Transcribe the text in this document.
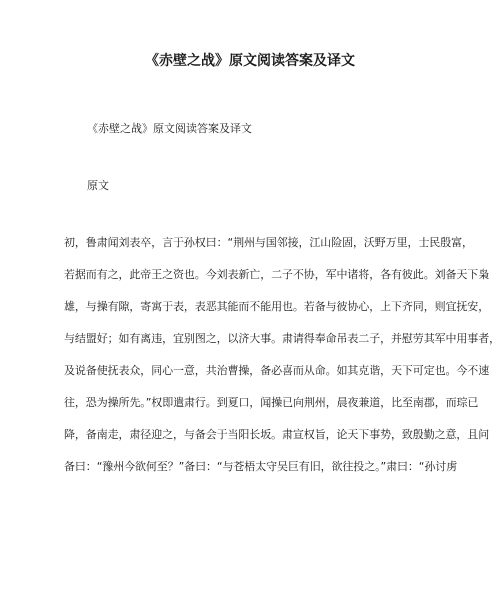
《赤壁之战》原文阅读答案及译文
《赤壁之战》原文阅读答案及译文
原文
初，鲁肃闻刘表卒，言于孙权曰：“荆州与国邻接，江山险固，沃野万里，士民殷富，
若据而有之，此帝王之资也。今刘表新亡，二子不协，军中诸将，各有彼此。刘备天下枭
雄，与操有隙，寄寓于表，表恶其能而不能用也。若备与彼协心，上下齐同，则宜抚安，
与结盟好；如有离违，宜别图之，以济大事。肃请得奉命吊表二子，并慰劳其军中用事者，
及说备使抚表众，同心一意，共治曹操，备必喜而从命。如其克谐，天下可定也。今不速
往，恐为操所先。”权即遣肃行。到夏口，闻操已向荆州，晨夜兼道，比至南郡，而琮已
降，备南走，肃径迎之，与备会于当阳长坂。肃宣权旨，论天下事势，致殷勤之意，且问
备曰：“豫州今欲何至？”备曰：“与苍梧太守吴巨有旧，欲往投之。”肃曰：“孙讨虏
